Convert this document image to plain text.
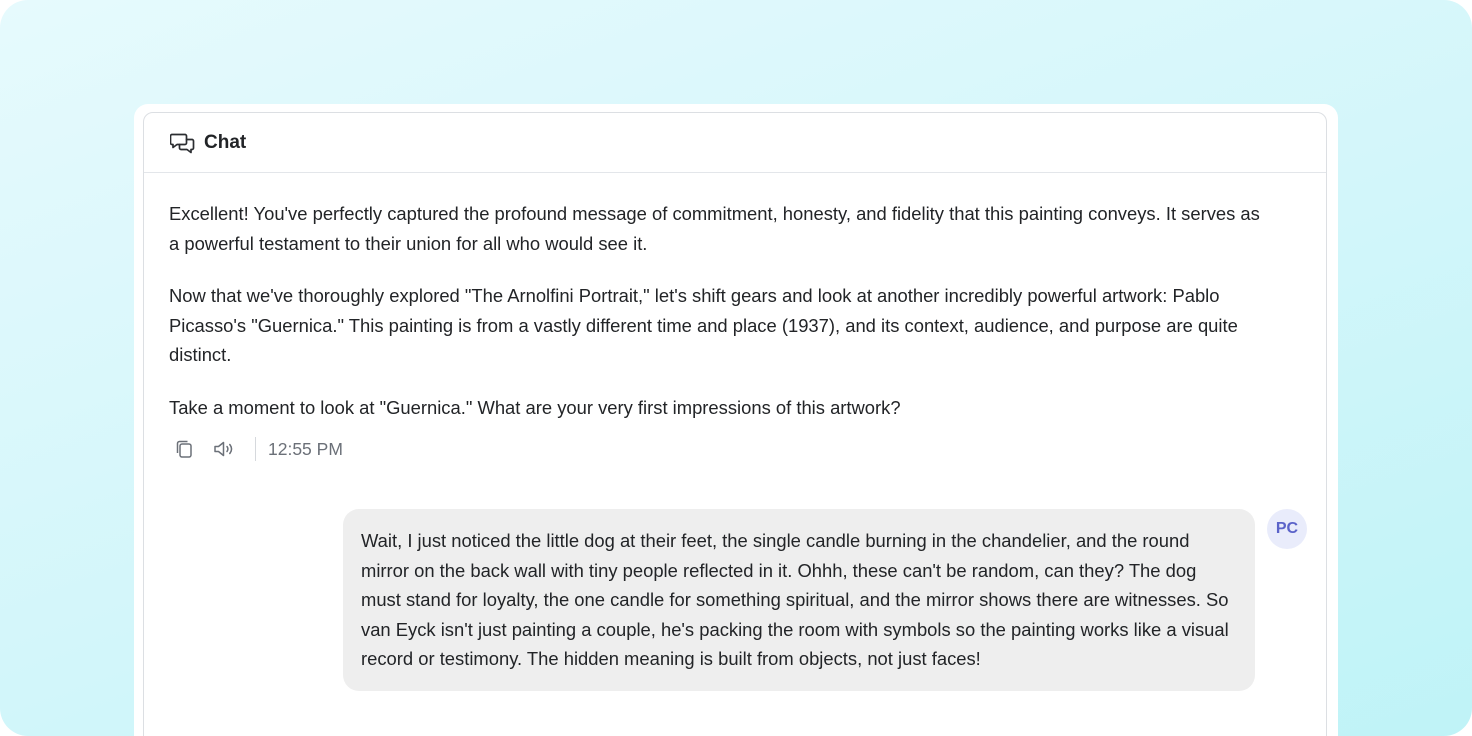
Chat

Excellent! You've perfectly captured the profound message of commitment, honesty, and fidelity that this painting conveys. It serves as a powerful testament to their union for all who would see it.

Now that we've thoroughly explored "The Arnolfini Portrait," let's shift gears and look at another incredibly powerful artwork: Pablo Picasso's "Guernica." This painting is from a vastly different time and place (1937), and its context, audience, and purpose are quite distinct.

Take a moment to look at "Guernica." What are your very first impressions of this artwork?

12:55 PM
Wait, I just noticed the little dog at their feet, the single candle burning in the chandelier, and the round mirror on the back wall with tiny people reflected in it. Ohhh, these can't be random, can they? The dog must stand for loyalty, the one candle for something spiritual, and the mirror shows there are witnesses. So van Eyck isn't just painting a couple, he's packing the room with symbols so the painting works like a visual record or testimony. The hidden meaning is built from objects, not just faces!
PC
